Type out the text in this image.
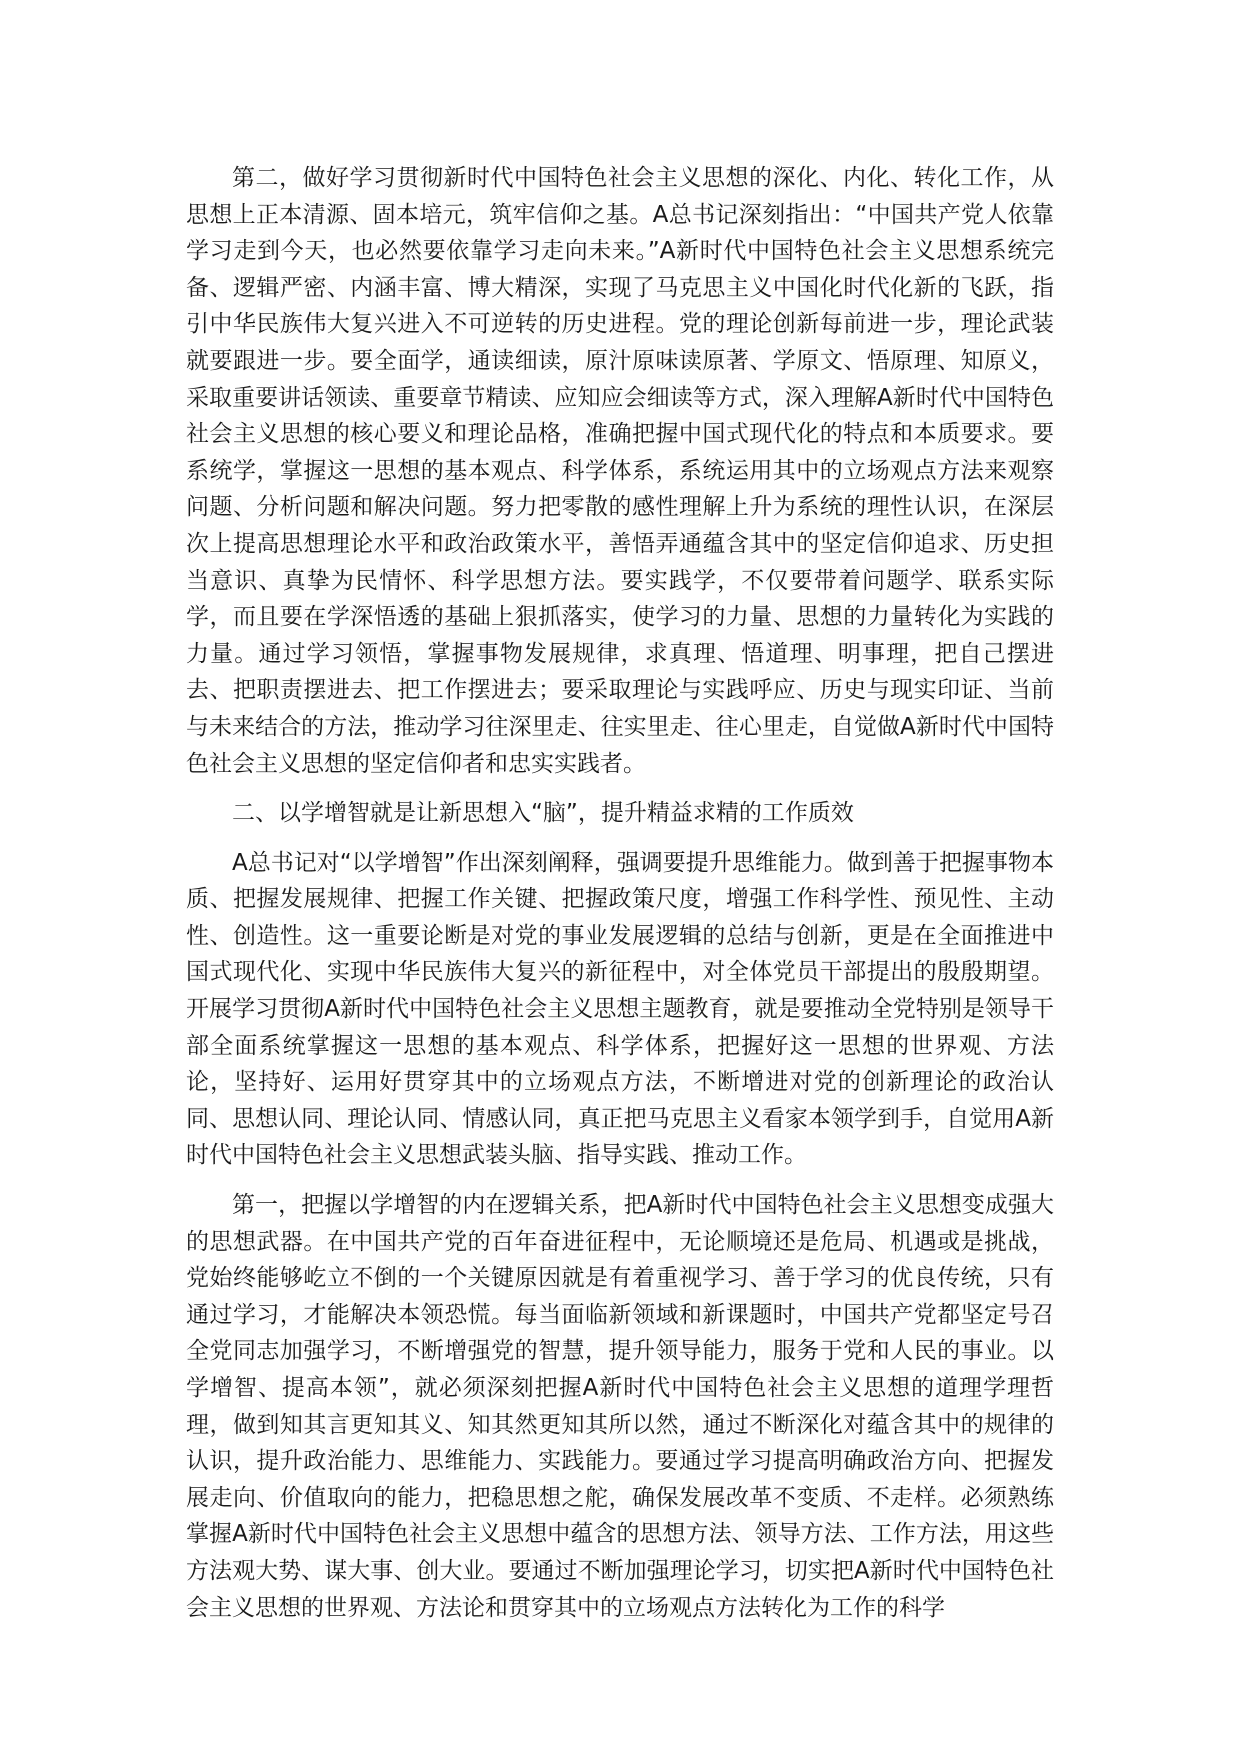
第二，做好学习贯彻新时代中国特色社会主义思想的深化、内化、转化工作，从思想上正本清源、固本培元，筑牢信仰之基。A总书记深刻指出：“中国共产党人依靠学习走到今天，也必然要依靠学习走向未来。”A新时代中国特色社会主义思想系统完备、逻辑严密、内涵丰富、博大精深，实现了马克思主义中国化时代化新的飞跃，指引中华民族伟大复兴进入不可逆转的历史进程。党的理论创新每前进一步，理论武装就要跟进一步。要全面学，通读细读，原汁原味读原著、学原文、悟原理、知原义，采取重要讲话领读、重要章节精读、应知应会细读等方式，深入理解A新时代中国特色社会主义思想的核心要义和理论品格，准确把握中国式现代化的特点和本质要求。要系统学，掌握这一思想的基本观点、科学体系，系统运用其中的立场观点方法来观察问题、分析问题和解决问题。努力把零散的感性理解上升为系统的理性认识，在深层次上提高思想理论水平和政治政策水平，善悟弄通蕴含其中的坚定信仰追求、历史担当意识、真挚为民情怀、科学思想方法。要实践学，不仅要带着问题学、联系实际学，而且要在学深悟透的基础上狠抓落实，使学习的力量、思想的力量转化为实践的力量。通过学习领悟，掌握事物发展规律，求真理、悟道理、明事理，把自己摆进去、把职责摆进去、把工作摆进去；要采取理论与实践呼应、历史与现实印证、当前与未来结合的方法，推动学习往深里走、往实里走、往心里走，自觉做A新时代中国特色社会主义思想的坚定信仰者和忠实实践者。

二、以学增智就是让新思想入“脑”，提升精益求精的工作质效

A总书记对“以学增智”作出深刻阐释，强调要提升思维能力。做到善于把握事物本质、把握发展规律、把握工作关键、把握政策尺度，增强工作科学性、预见性、主动性、创造性。这一重要论断是对党的事业发展逻辑的总结与创新，更是在全面推进中国式现代化、实现中华民族伟大复兴的新征程中，对全体党员干部提出的殷殷期望。开展学习贯彻A新时代中国特色社会主义思想主题教育，就是要推动全党特别是领导干部全面系统掌握这一思想的基本观点、科学体系，把握好这一思想的世界观、方法论，坚持好、运用好贯穿其中的立场观点方法，不断增进对党的创新理论的政治认同、思想认同、理论认同、情感认同，真正把马克思主义看家本领学到手，自觉用A新时代中国特色社会主义思想武装头脑、指导实践、推动工作。

第一，把握以学增智的内在逻辑关系，把A新时代中国特色社会主义思想变成强大的思想武器。在中国共产党的百年奋进征程中，无论顺境还是危局、机遇或是挑战，党始终能够屹立不倒的一个关键原因就是有着重视学习、善于学习的优良传统，只有通过学习，才能解决本领恐慌。每当面临新领域和新课题时，中国共产党都坚定号召全党同志加强学习，不断增强党的智慧，提升领导能力，服务于党和人民的事业。以学增智、提高本领”，就必须深刻把握A新时代中国特色社会主义思想的道理学理哲理，做到知其言更知其义、知其然更知其所以然，通过不断深化对蕴含其中的规律的认识，提升政治能力、思维能力、实践能力。要通过学习提高明确政治方向、把握发展走向、价值取向的能力，把稳思想之舵，确保发展改革不变质、不走样。必须熟练掌握A新时代中国特色社会主义思想中蕴含的思想方法、领导方法、工作方法，用这些方法观大势、谋大事、创大业。要通过不断加强理论学习，切实把A新时代中国特色社会主义思想的世界观、方法论和贯穿其中的立场观点方法转化为工作的科学
